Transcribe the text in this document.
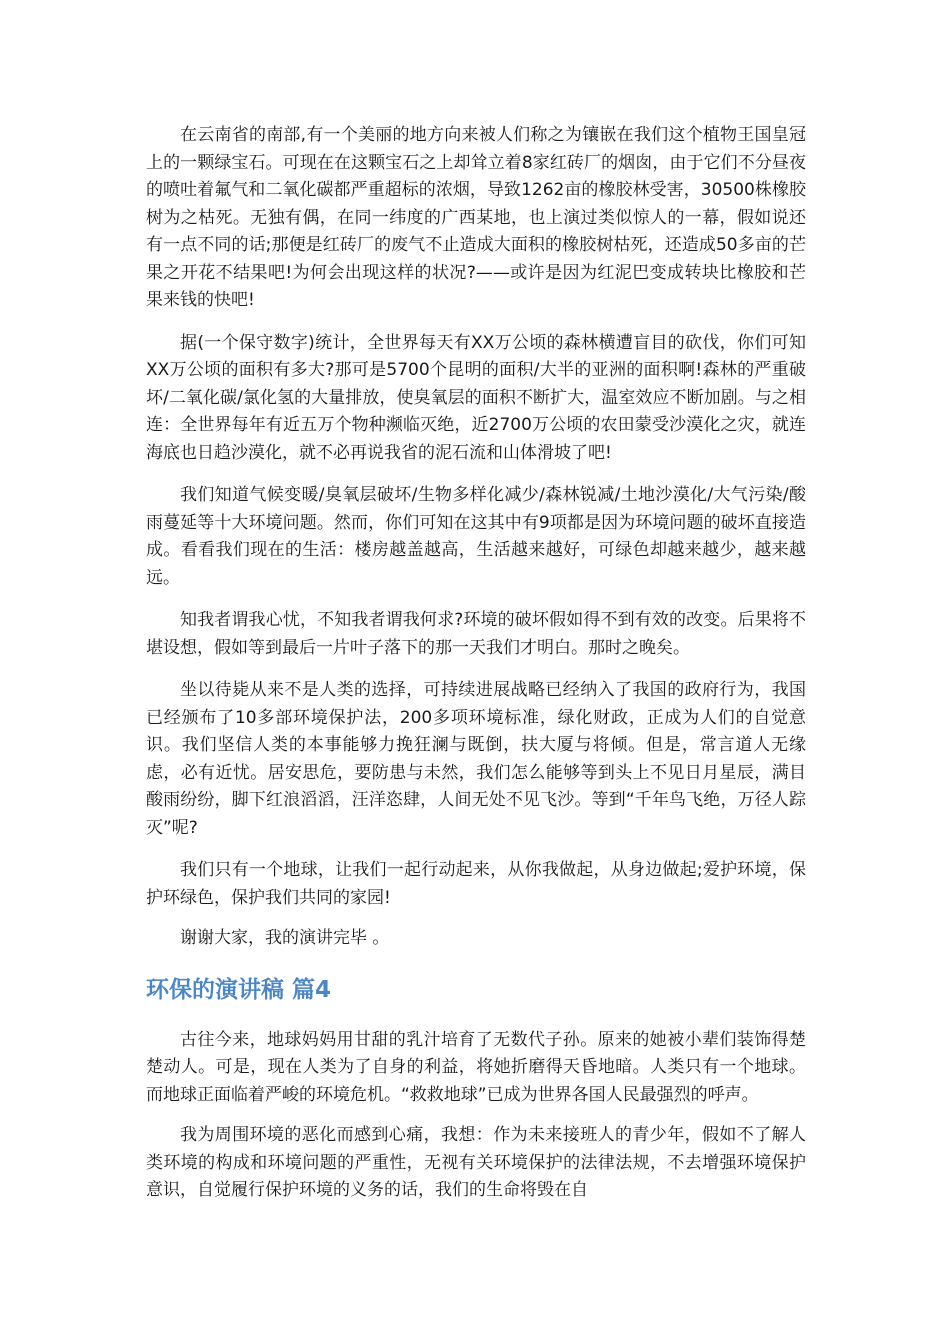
在云南省的南部,有一个美丽的地方向来被人们称之为镶嵌在我们这个植物王国皇冠上的一颗绿宝石。可现在在这颗宝石之上却耸立着8家红砖厂的烟囱，由于它们不分昼夜的喷吐着氟气和二氧化碳都严重超标的浓烟，导致1262亩的橡胶林受害，30500株橡胶树为之枯死。无独有偶，在同一纬度的广西某地，也上演过类似惊人的一幕，假如说还有一点不同的话;那便是红砖厂的废气不止造成大面积的橡胶树枯死，还造成50多亩的芒果之开花不结果吧!为何会出现这样的状况?——或许是因为红泥巴变成转块比橡胶和芒果来钱的快吧!

据(一个保守数字)统计，全世界每天有XX万公顷的森林横遭盲目的砍伐，你们可知XX万公顷的面积有多大?那可是5700个昆明的面积/大半的亚洲的面积啊!森林的严重破坏/二氧化碳/氯化氢的大量排放，使臭氧层的面积不断扩大，温室效应不断加剧。与之相连：全世界每年有近五万个物种濒临灭绝，近2700万公顷的农田蒙受沙漠化之灾，就连海底也日趋沙漠化，就不必再说我省的泥石流和山体滑坡了吧!

我们知道气候变暖/臭氧层破坏/生物多样化减少/森林锐减/土地沙漠化/大气污染/酸雨蔓延等十大环境问题。然而，你们可知在这其中有9项都是因为环境问题的破坏直接造成。看看我们现在的生活：楼房越盖越高，生活越来越好，可绿色却越来越少，越来越远。

知我者谓我心忧，不知我者谓我何求?环境的破坏假如得不到有效的改变。后果将不堪设想，假如等到最后一片叶子落下的那一天我们才明白。那时之晚矣。

坐以待毙从来不是人类的选择，可持续进展战略已经纳入了我国的政府行为，我国已经颁布了10多部环境保护法，200多项环境标准，绿化财政，正成为人们的自觉意识。我们坚信人类的本事能够力挽狂澜与既倒，扶大厦与将倾。但是，常言道人无缘虑，必有近忧。居安思危，要防患与未然，我们怎么能够等到头上不见日月星辰，满目酸雨纷纷，脚下红浪滔滔，汪洋恣肆，人间无处不见飞沙。等到“千年鸟飞绝，万径人踪灭”呢?

我们只有一个地球，让我们一起行动起来，从你我做起，从身边做起;爱护环境，保护环绿色，保护我们共同的家园!

谢谢大家，我的演讲完毕 。

环保的演讲稿 篇4

古往今来，地球妈妈用甘甜的乳汁培育了无数代子孙。原来的她被小辈们装饰得楚楚动人。可是，现在人类为了自身的利益，将她折磨得天昏地暗。人类只有一个地球。而地球正面临着严峻的环境危机。“救救地球”已成为世界各国人民最强烈的呼声。

我为周围环境的恶化而感到心痛，我想：作为未来接班人的青少年，假如不了解人类环境的构成和环境问题的严重性，无视有关环境保护的法律法规，不去增强环境保护意识，自觉履行保护环境的义务的话，我们的生命将毁在自
